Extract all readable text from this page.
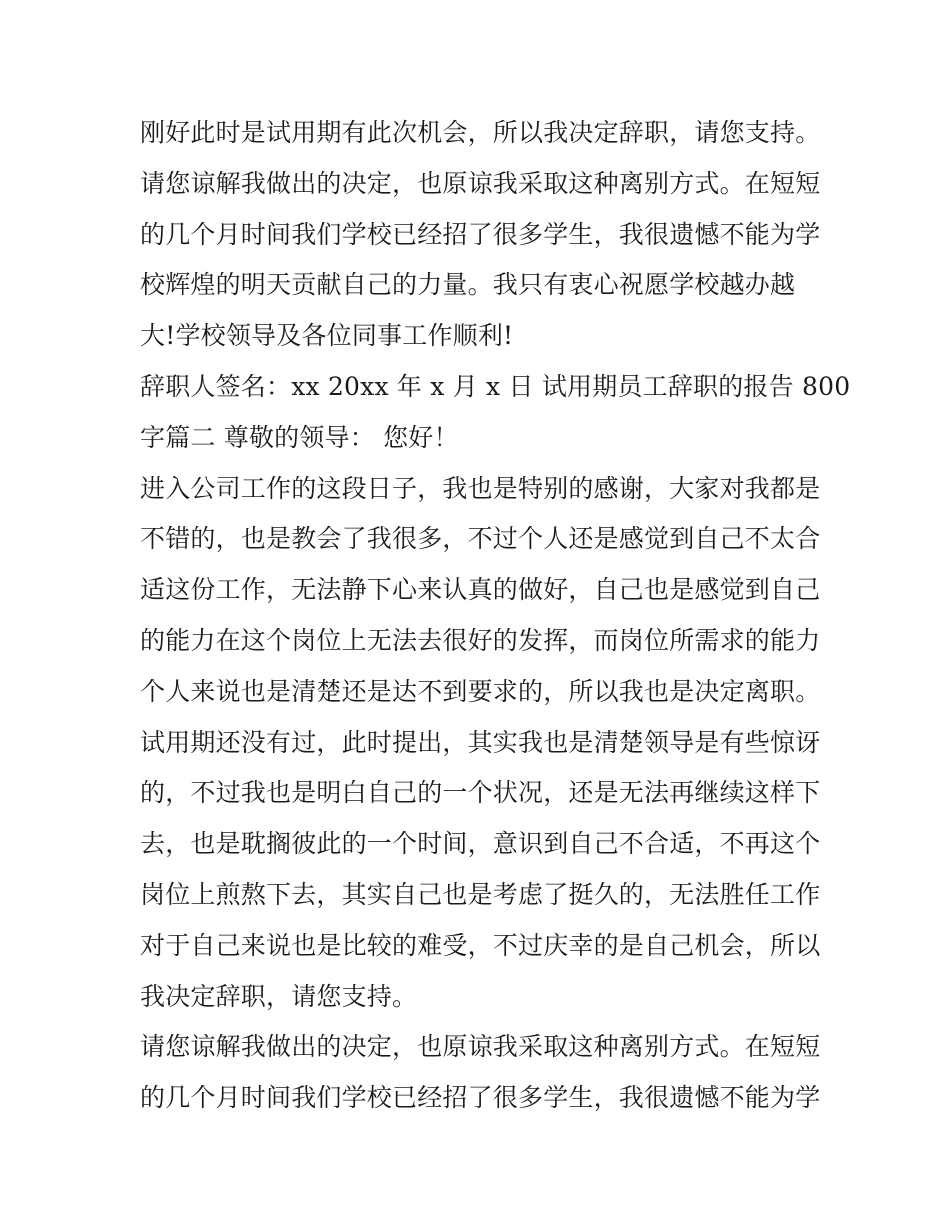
刚好此时是试用期有此次机会，所以我决定辞职，请您支持。
请您谅解我做出的决定，也原谅我采取这种离别方式。在短短
的几个月时间我们学校已经招了很多学生，我很遗憾不能为学
校辉煌的明天贡献自己的力量。我只有衷心祝愿学校越办越
大!学校领导及各位同事工作顺利!
辞职人签名：xx 20xx 年 x 月 x 日 试用期员工辞职的报告 800
字篇二 尊敬的领导： 您好！
进入公司工作的这段日子，我也是特别的感谢，大家对我都是
不错的，也是教会了我很多，不过个人还是感觉到自己不太合
适这份工作，无法静下心来认真的做好，自己也是感觉到自己
的能力在这个岗位上无法去很好的发挥，而岗位所需求的能力
个人来说也是清楚还是达不到要求的，所以我也是决定离职。
试用期还没有过，此时提出，其实我也是清楚领导是有些惊讶
的，不过我也是明白自己的一个状况，还是无法再继续这样下
去，也是耽搁彼此的一个时间，意识到自己不合适，不再这个
岗位上煎熬下去，其实自己也是考虑了挺久的，无法胜任工作
对于自己来说也是比较的难受，不过庆幸的是自己机会，所以
我决定辞职，请您支持。
请您谅解我做出的决定，也原谅我采取这种离别方式。在短短
的几个月时间我们学校已经招了很多学生，我很遗憾不能为学
